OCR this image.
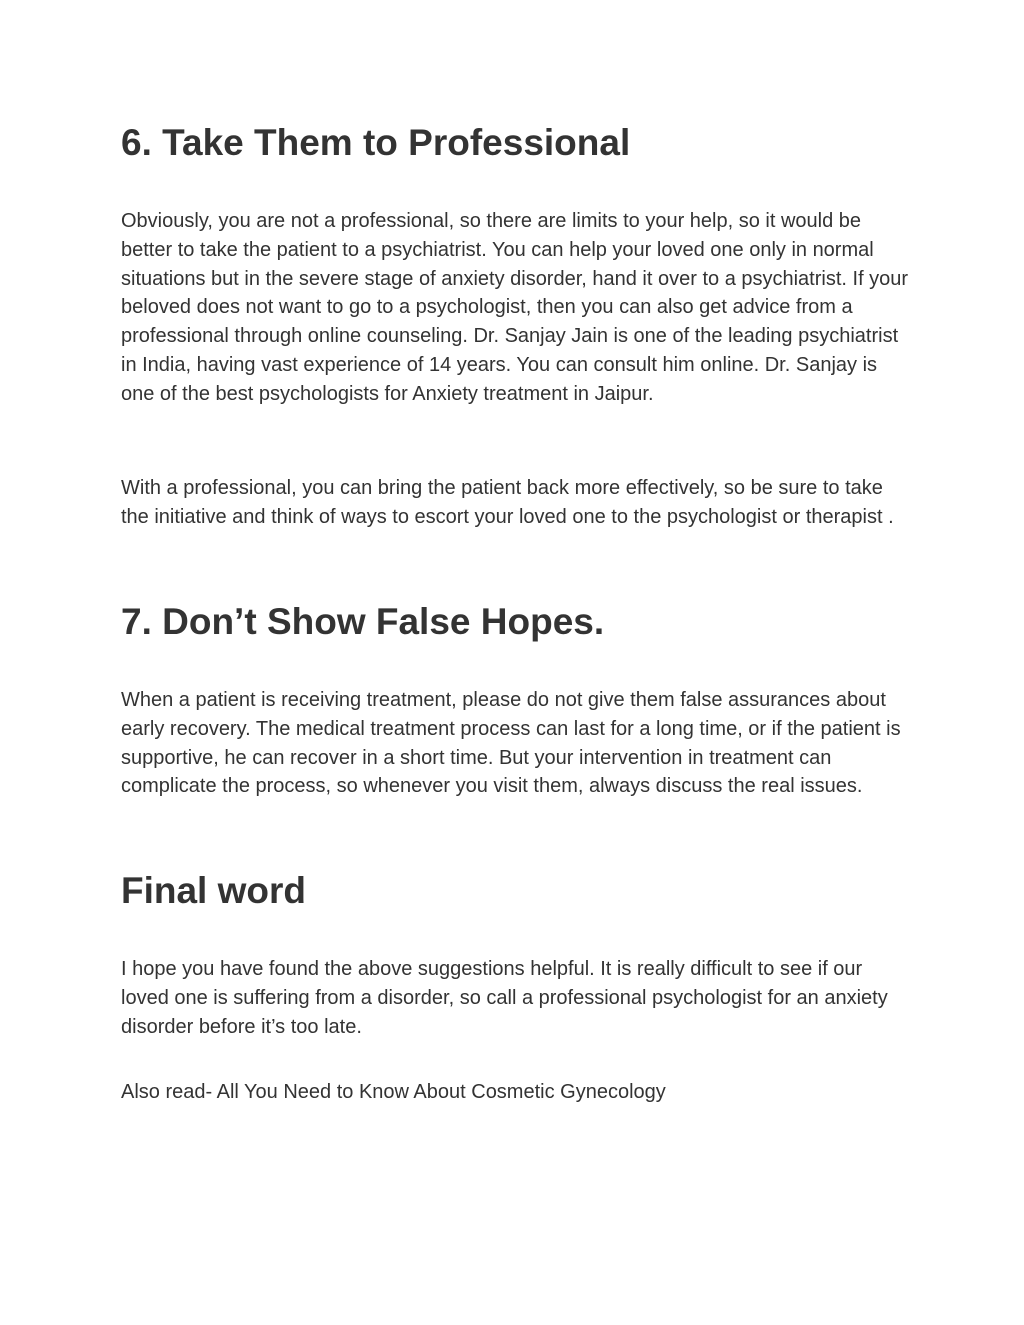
6. Take Them to Professional

Obviously, you are not a professional, so there are limits to your help, so it would be better to take the patient to a psychiatrist. You can help your loved one only in normal situations but in the severe stage of anxiety disorder, hand it over to a psychiatrist. If your beloved does not want to go to a psychologist, then you can also get advice from a professional through online counseling. Dr. Sanjay Jain is one of the leading psychiatrist in India, having vast experience of 14 years. You can consult him online. Dr. Sanjay is one of the best psychologists for Anxiety treatment in Jaipur.

With a professional, you can bring the patient back more effectively, so be sure to take the initiative and think of ways to escort your loved one to the psychologist or therapist .

7. Don’t Show False Hopes.

When a patient is receiving treatment, please do not give them false assurances about early recovery. The medical treatment process can last for a long time, or if the patient is supportive, he can recover in a short time. But your intervention in treatment can complicate the process, so whenever you visit them, always discuss the real issues.

Final word

I hope you have found the above suggestions helpful. It is really difficult to see if our loved one is suffering from a disorder, so call a professional psychologist for an anxiety disorder before it’s too late.

Also read- All You Need to Know About Cosmetic Gynecology
